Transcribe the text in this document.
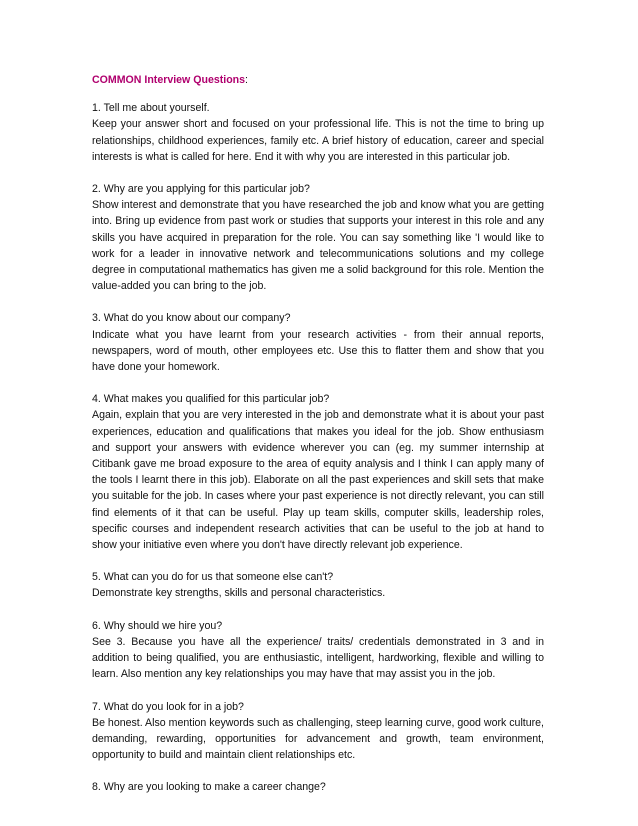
COMMON Interview Questions:

1. Tell me about yourself.

Keep your answer short and focused on your professional life. This is not the time to bring up relationships, childhood experiences, family etc. A brief history of education, career and special interests is what is called for here. End it with why you are interested in this particular job.

2. Why are you applying for this particular job?

Show interest and demonstrate that you have researched the job and know what you are getting into. Bring up evidence from past work or studies that supports your interest in this role and any skills you have acquired in preparation for the role. You can say something like 'I would like to work for a leader in innovative network and telecommunications solutions and my college degree in computational mathematics has given me a solid background for this role. Mention the value-added you can bring to the job.

3. What do you know about our company?

Indicate what you have learnt from your research activities - from their annual reports, newspapers, word of mouth, other employees etc. Use this to flatter them and show that you have done your homework.

4. What makes you qualified for this particular job?

Again, explain that you are very interested in the job and demonstrate what it is about your past experiences, education and qualifications that makes you ideal for the job. Show enthusiasm and support your answers with evidence wherever you can (eg. my summer internship at Citibank gave me broad exposure to the area of equity analysis and I think I can apply many of the tools I learnt there in this job). Elaborate on all the past experiences and skill sets that make you suitable for the job. In cases where your past experience is not directly relevant, you can still find elements of it that can be useful. Play up team skills, computer skills, leadership roles, specific courses and independent research activities that can be useful to the job at hand to show your initiative even where you don't have directly relevant job experience.

5. What can you do for us that someone else can't?

Demonstrate key strengths, skills and personal characteristics.

6. Why should we hire you?

See 3. Because you have all the experience/ traits/ credentials demonstrated in 3 and in addition to being qualified, you are enthusiastic, intelligent, hardworking, flexible and willing to learn. Also mention any key relationships you may have that may assist you in the job.

7. What do you look for in a job?

Be honest. Also mention keywords such as challenging, steep learning curve, good work culture, demanding, rewarding, opportunities for advancement and growth, team environment, opportunity to build and maintain client relationships etc.

8. Why are you looking to make a career change?
